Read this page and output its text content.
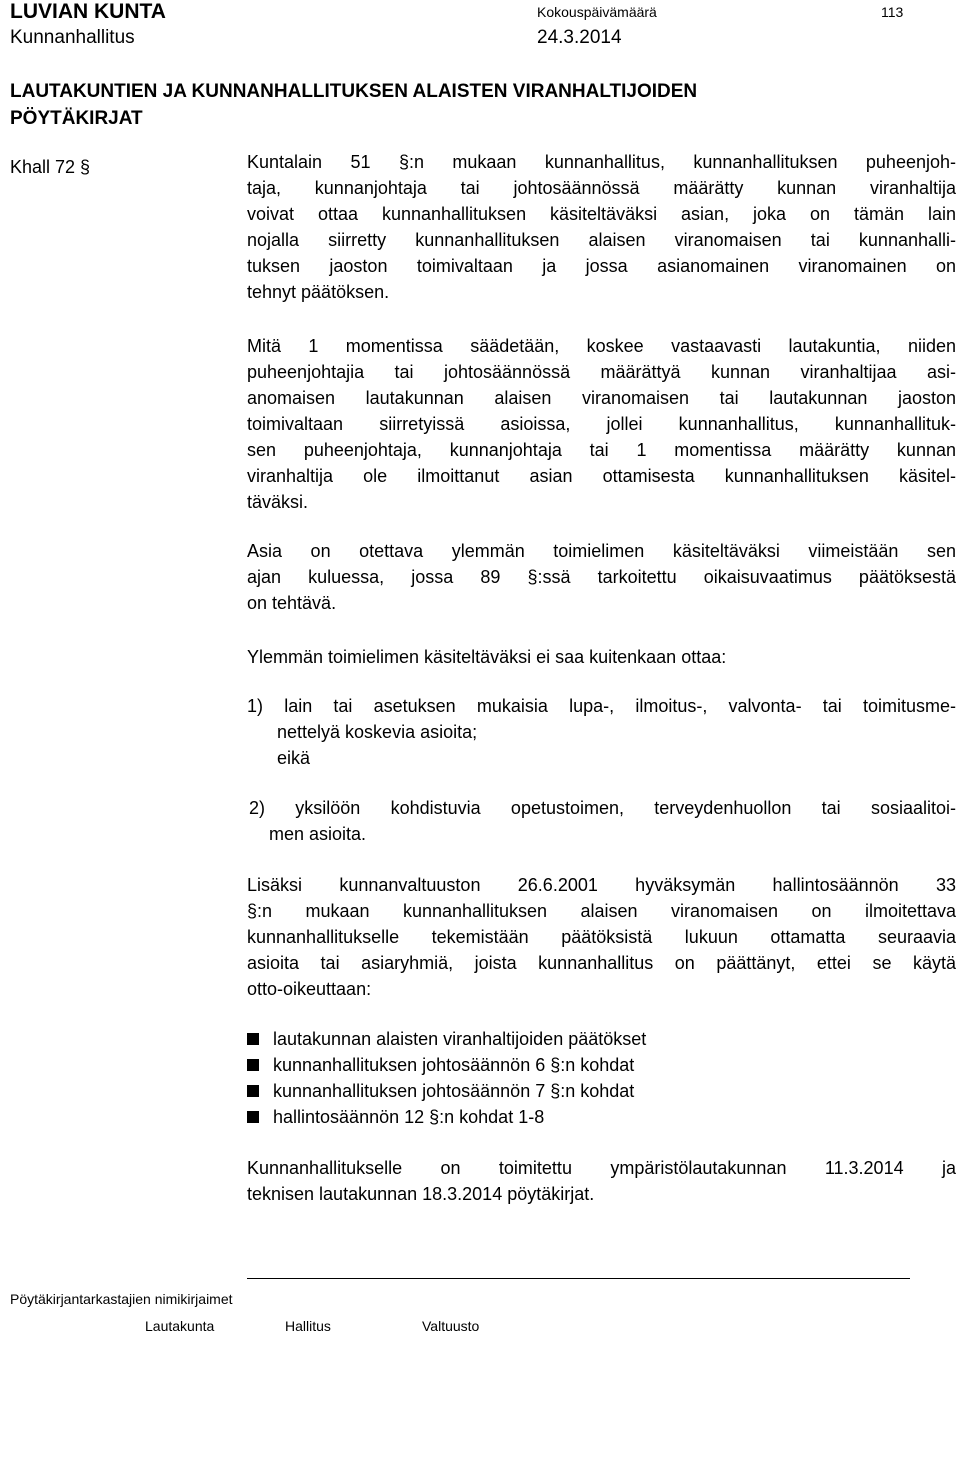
LUVIAN KUNTA
Kunnanhallitus
Kokouspäivämäärä
24.3.2014
113
LAUTAKUNTIEN JA KUNNANHALLITUKSEN ALAISTEN VIRANHALTIJOIDEN
PÖYTÄKIRJAT
Khall 72 §	Kuntalain 51 §:n mukaan kunnanhallitus, kunnanhallituksen puheenjoh-
taja, kunnanjohtaja tai johtosäännössä määrätty kunnan viranhaltija
voivat ottaa kunnanhallituksen käsiteltäväksi asian, joka on tämän lain
nojalla siirretty kunnanhallituksen alaisen viranomaisen tai kunnanhalli-
tuksen jaoston toimivaltaan ja jossa asianomainen viranomainen on
tehnyt päätöksen.
Mitä 1 momentissa säädetään, koskee vastaavasti lautakuntia, niiden
puheenjohtajia tai johtosäännössä määrättyä kunnan viranhaltijaa asi-
anomaisen lautakunnan alaisen viranomaisen tai lautakunnan jaoston
toimivaltaan siirretyissä asioissa, jollei kunnanhallitus, kunnanhallituk-
sen puheenjohtaja, kunnanjohtaja tai 1 momentissa määrätty kunnan
viranhaltija ole ilmoittanut asian ottamisesta kunnanhallituksen käsitel-
täväksi.
Asia on otettava ylemmän toimielimen käsiteltäväksi viimeistään sen
ajan kuluessa, jossa 89 §:ssä tarkoitettu oikaisuvaatimus päätöksestä
on tehtävä.
Ylemmän toimielimen käsiteltäväksi ei saa kuitenkaan ottaa:
1) lain tai asetuksen mukaisia lupa-, ilmoitus-, valvonta- tai toimitusme-
nettelyä koskevia asioita;
eikä
2) yksilöön kohdistuvia opetustoimen, terveydenhuollon tai sosiaalitoi-
men asioita.
Lisäksi kunnanvaltuuston 26.6.2001 hyväksymän hallintosäännön 33
§:n mukaan kunnanhallituksen alaisen viranomaisen on ilmoitettava
kunnanhallitukselle tekemistään päätöksistä lukuun ottamatta seuraavia
asioita tai asiaryhmiä, joista kunnanhallitus on päättänyt, ettei se käytä
otto-oikeuttaan:
lautakunnan alaisten viranhaltijoiden päätökset
kunnanhallituksen johtosäännön 6 §:n kohdat
kunnanhallituksen johtosäännön 7 §:n kohdat
hallintosäännön 12 §:n kohdat 1-8
Kunnanhallitukselle on toimitettu ympäristölautakunnan 11.3.2014 ja
teknisen lautakunnan 18.3.2014 pöytäkirjat.
Pöytäkirjantarkastajien nimikirjaimet
Lautakunta	Hallitus	Valtuusto
